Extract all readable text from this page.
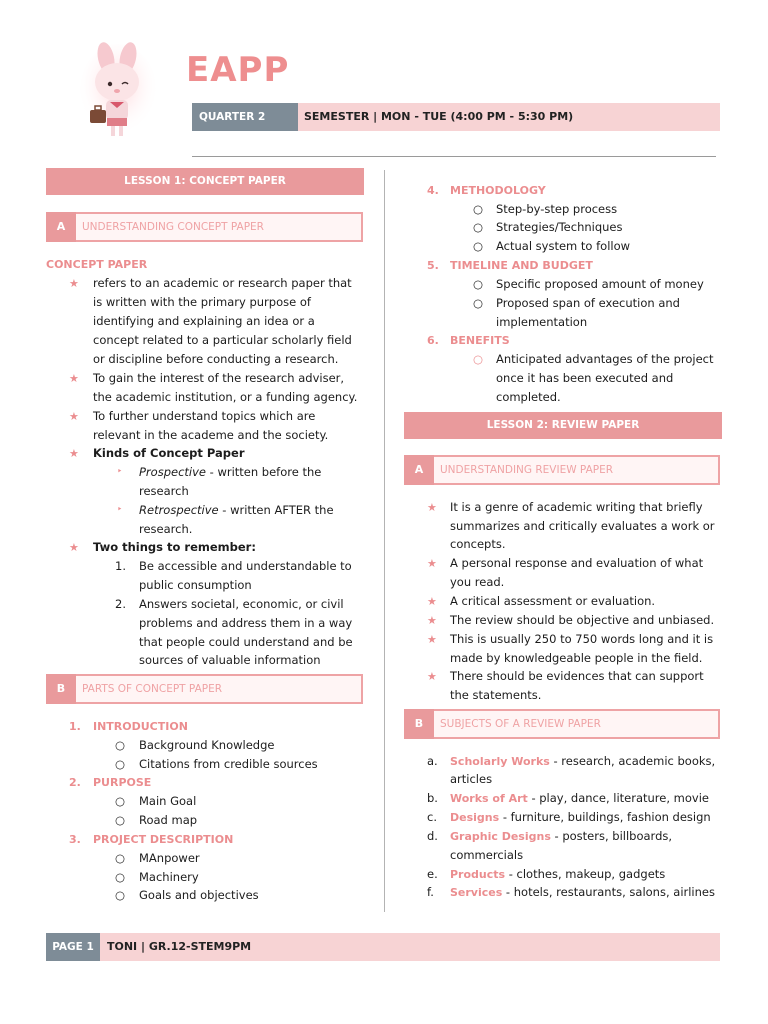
EAPP
QUARTER 2	SEMESTER | MON - TUE (4:00 PM - 5:30 PM)
LESSON 1: CONCEPT PAPER
A	UNDERSTANDING CONCEPT PAPER
CONCEPT PAPER
★ refers to an academic or research paper that
is written with the primary purpose of
identifying and explaining an idea or a
concept related to a particular scholarly field
or discipline before conducting a research.
★ To gain the interest of the research adviser,
the academic institution, or a funding agency.
★ To further understand topics which are
relevant in the academe and the society.
★ Kinds of Concept Paper
‣ Prospective - written before the
research
‣ Retrospective - written AFTER the
research.
★ Two things to remember:
1. Be accessible and understandable to
public consumption
2. Answers societal, economic, or civil
problems and address them in a way
that people could understand and be
sources of valuable information
B	PARTS OF CONCEPT PAPER
1. INTRODUCTION
○ Background Knowledge
○ Citations from credible sources
2. PURPOSE
○ Main Goal
○ Road map
3. PROJECT DESCRIPTION
○ MAnpower
○ Machinery
○ Goals and objectives
4. METHODOLOGY
○ Step-by-step process
○ Strategies/Techniques
○ Actual system to follow
5. TIMELINE AND BUDGET
○ Specific proposed amount of money
○ Proposed span of execution and
implementation
6. BENEFITS
○ Anticipated advantages of the project
once it has been executed and
completed.
LESSON 2: REVIEW PAPER
A	UNDERSTANDING REVIEW PAPER
★ It is a genre of academic writing that briefly
summarizes and critically evaluates a work or
concepts.
★ A personal response and evaluation of what
you read.
★ A critical assessment or evaluation.
★ The review should be objective and unbiased.
★ This is usually 250 to 750 words long and it is
made by knowledgeable people in the field.
★ There should be evidences that can support
the statements.
B	SUBJECTS OF A REVIEW PAPER
a. Scholarly Works - research, academic books,
articles
b. Works of Art - play, dance, literature, movie
c. Designs - furniture, buildings, fashion design
d. Graphic Designs - posters, billboards,
commercials
e. Products - clothes, makeup, gadgets
f. Services - hotels, restaurants, salons, airlines
PAGE 1	TONI | GR.12-STEM9PM
